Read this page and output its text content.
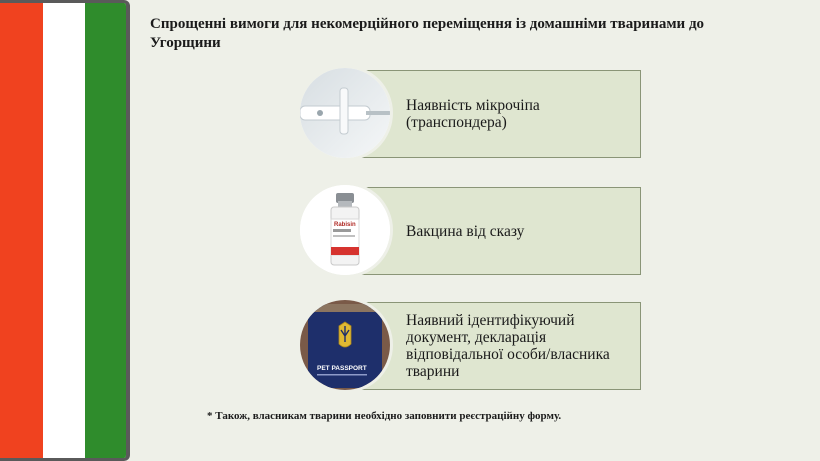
Спрощенні вимоги для некомерційного переміщення із домашніми тваринами до Угорщини
Наявність мікрочіпа (транспондера)
Вакцина від сказу
Rabisin
Наявний ідентифікуючий документ, декларація відповідальної особи/власника тварини
PET PASSPORT
* Також, власникам тварини необхідно заповнити реєстраційну форму.
